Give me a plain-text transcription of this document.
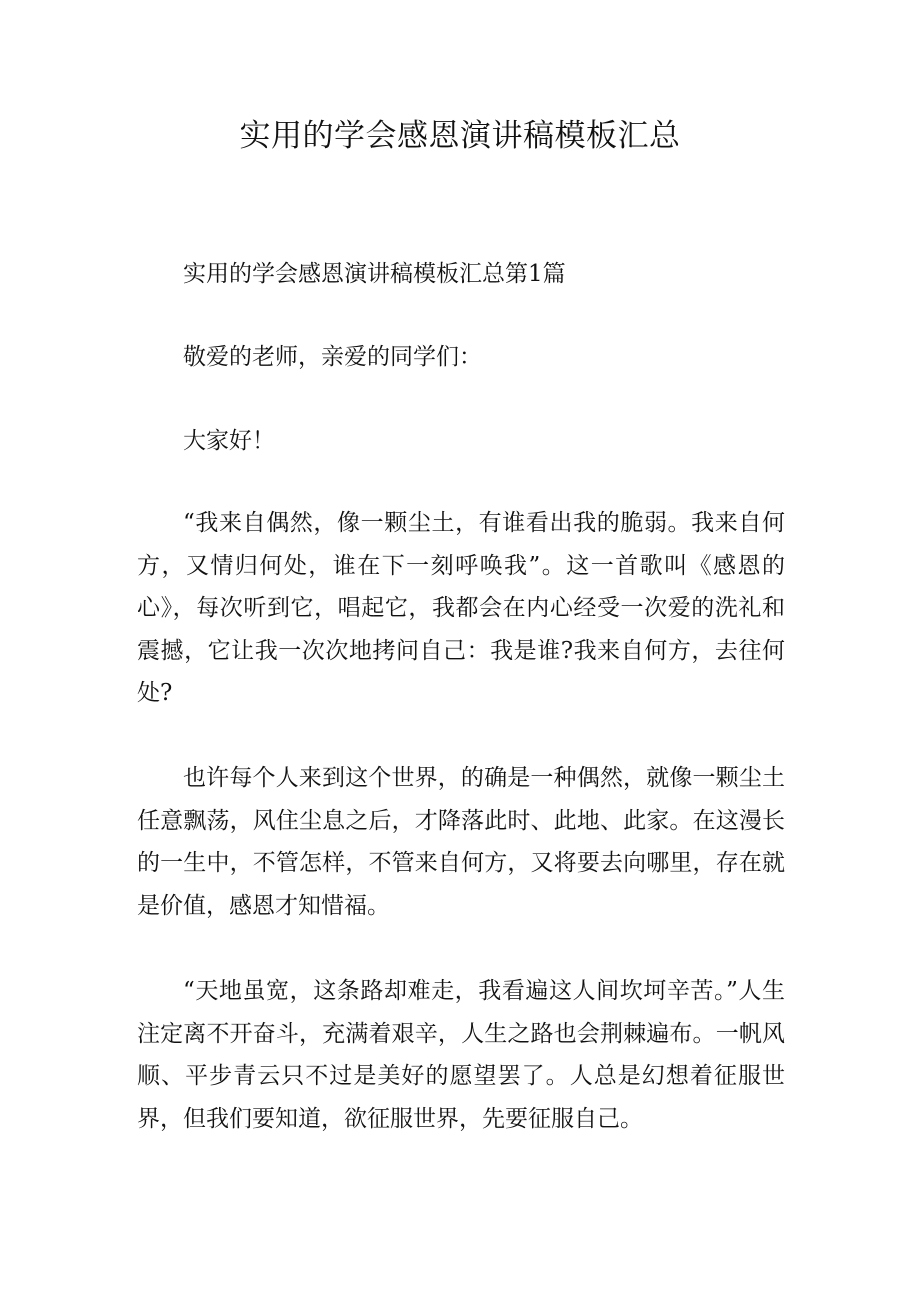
实用的学会感恩演讲稿模板汇总

实用的学会感恩演讲稿模板汇总第1篇

敬爱的老师，亲爱的同学们：

大家好！

“我来自偶然，像一颗尘土，有谁看出我的脆弱。我来自何方，又情归何处，谁在下一刻呼唤我”。这一首歌叫《感恩的心》，每次听到它，唱起它，我都会在内心经受一次爱的洗礼和震撼，它让我一次次地拷问自己：我是谁?我来自何方，去往何处?

也许每个人来到这个世界，的确是一种偶然，就像一颗尘土任意飘荡，风住尘息之后，才降落此时、此地、此家。在这漫长的一生中，不管怎样，不管来自何方，又将要去向哪里，存在就是价值，感恩才知惜福。

“天地虽宽，这条路却难走，我看遍这人间坎坷辛苦。”人生注定离不开奋斗，充满着艰辛，人生之路也会荆棘遍布。一帆风顺、平步青云只不过是美好的愿望罢了。人总是幻想着征服世界，但我们要知道，欲征服世界，先要征服自己。
